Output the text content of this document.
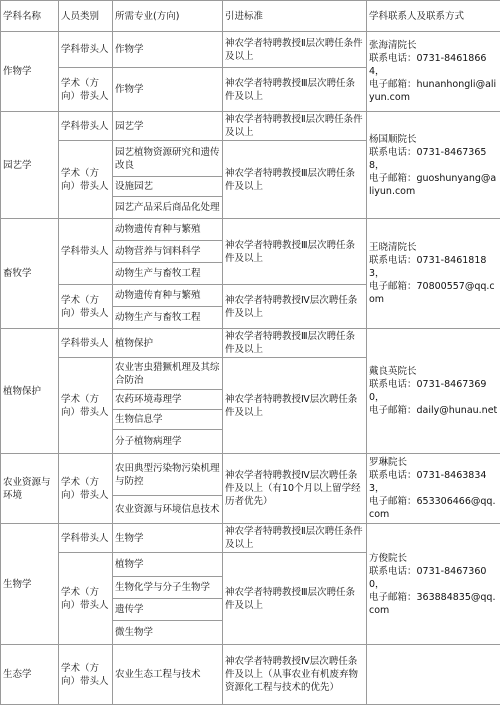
学科名称	人员类别	所需专业(方向)	引进标准	学科联系人及联系方式
作物学	学科带头人	作物学	神农学者特聘教授Ⅱ层次聘任条件及以上	张海清院长
联系电话：0731-84618664，
电子邮箱：hunanhongli@aliyun.com

	学术（方向）带头人	作物学	神农学者特聘教授Ⅲ层次聘任条件及以上	
园艺学	学科带头人	园艺学	神农学者特聘教授Ⅱ层次聘任条件及以上	杨国顺院长
联系电话：0731-84673658，
电子邮箱：guoshunyang@aliyun.com

	学术（方向）带头人	园艺植物资源研究和遗传改良	神农学者特聘教授Ⅲ层次聘任条件及以上	
		设施园艺		
		园艺产品采后商品化处理		
畜牧学	学科带头人	动物遗传育种与繁殖	神农学者特聘教授Ⅲ层次聘任条件及以上	王晓清院长
联系电话：0731-84618183，
电子邮箱：70800557@qq.com

		动物营养与饲料科学		
		动物生产与畜牧工程		
	学术（方向）带头人	动物遗传育种与繁殖	神农学者特聘教授Ⅳ层次聘任条件及以上	
		动物生产与畜牧工程		
植物保护	学科带头人	植物保护	神农学者特聘教授Ⅲ层次聘任条件及以上	戴良英院长
联系电话：0731-84673690，
电子邮箱：daily@hunau.net

	学术（方向）带头人	农业害虫猎獗机理及其综合防治	神农学者特聘教授Ⅳ层次聘任条件及以上	
		农药环境毒理学		
		生物信息学		
		分子植物病理学		
农业资源与环境	学术（方向）带头人	农田典型污染物污染机理与防控	神农学者特聘教授Ⅳ层次聘任条件及以上（有10个月以上留学经历者优先）	罗琳院长
联系电话：0731-84638343，
电子邮箱：653306466@qq.com

		农业资源与环境信息技术		
生物学	学科带头人	生物学	神农学者特聘教授Ⅱ层次聘任条件及以上	方俊院长
联系电话：0731-84673600，
电子邮箱：363884835@qq.com

	学术（方向）带头人	植物学	神农学者特聘教授Ⅲ层次聘任条件及以上	
		生物化学与分子生物学		
		遗传学		
		微生物学		
生态学	学术（方向）带头人	农业生态工程与技术	神农学者特聘教授Ⅳ层次聘任条件及以上（从事农业有机废弃物资源化工程与技术的优先）	
